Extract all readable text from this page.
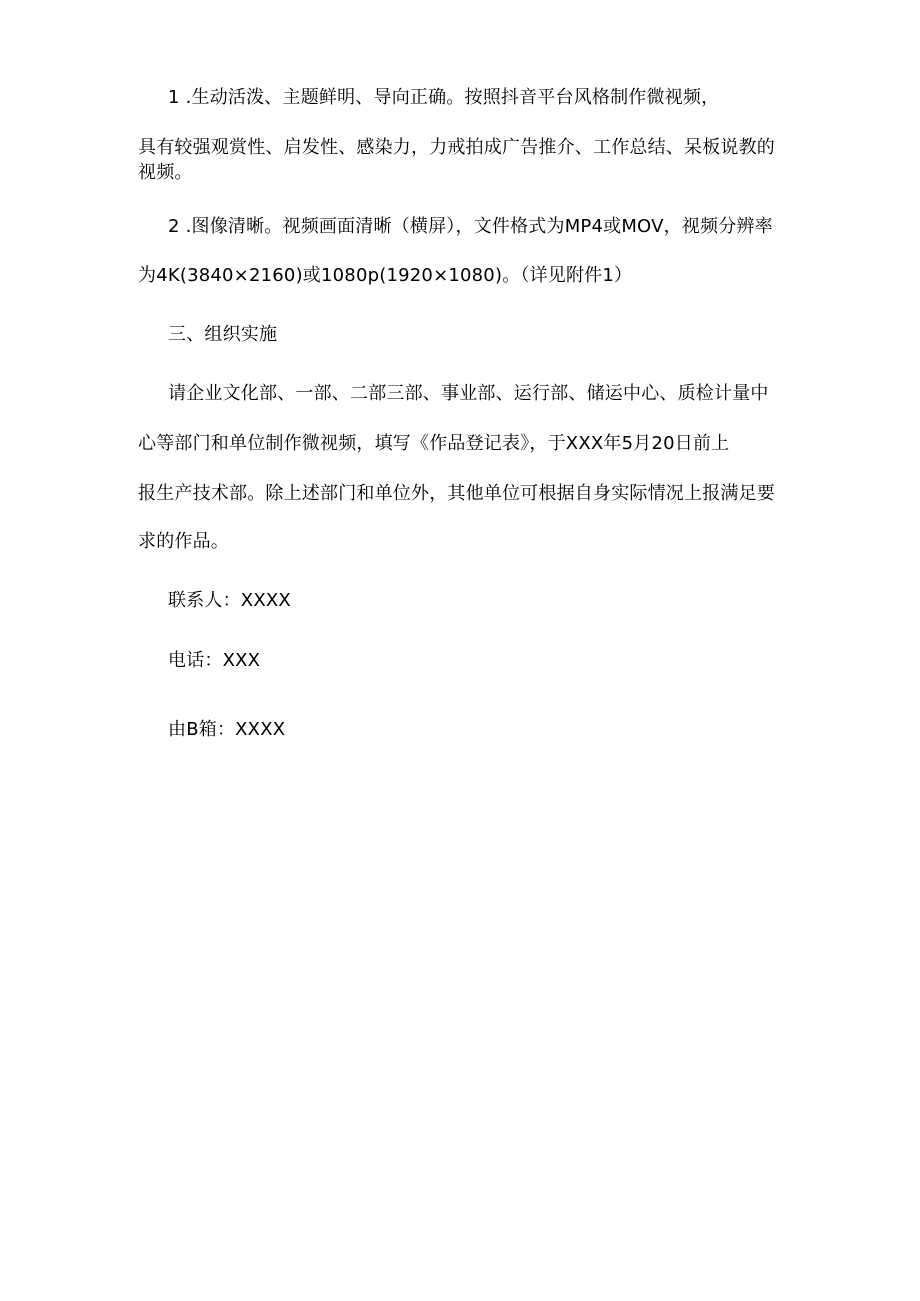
1 .生动活泼、主题鲜明、导向正确。按照抖音平台风格制作微视频，
具有较强观赏性、启发性、感染力，力戒拍成广告推介、工作总结、呆板说教的
视频。
2 .图像清晰。视频画面清晰（横屏），文件格式为MP4或MOV，视频分辨率
为4K(3840×2160)或1080p(1920×1080)。（详见附件1）
三、组织实施
请企业文化部、一部、二部三部、事业部、运行部、储运中心、质检计量中
心等部门和单位制作微视频，填写《作品登记表》，于XXX年5月20日前上
报生产技术部。除上述部门和单位外，其他单位可根据自身实际情况上报满足要
求的作品。
联系人：XXXX
电话：XXX
由B箱：XXXX
